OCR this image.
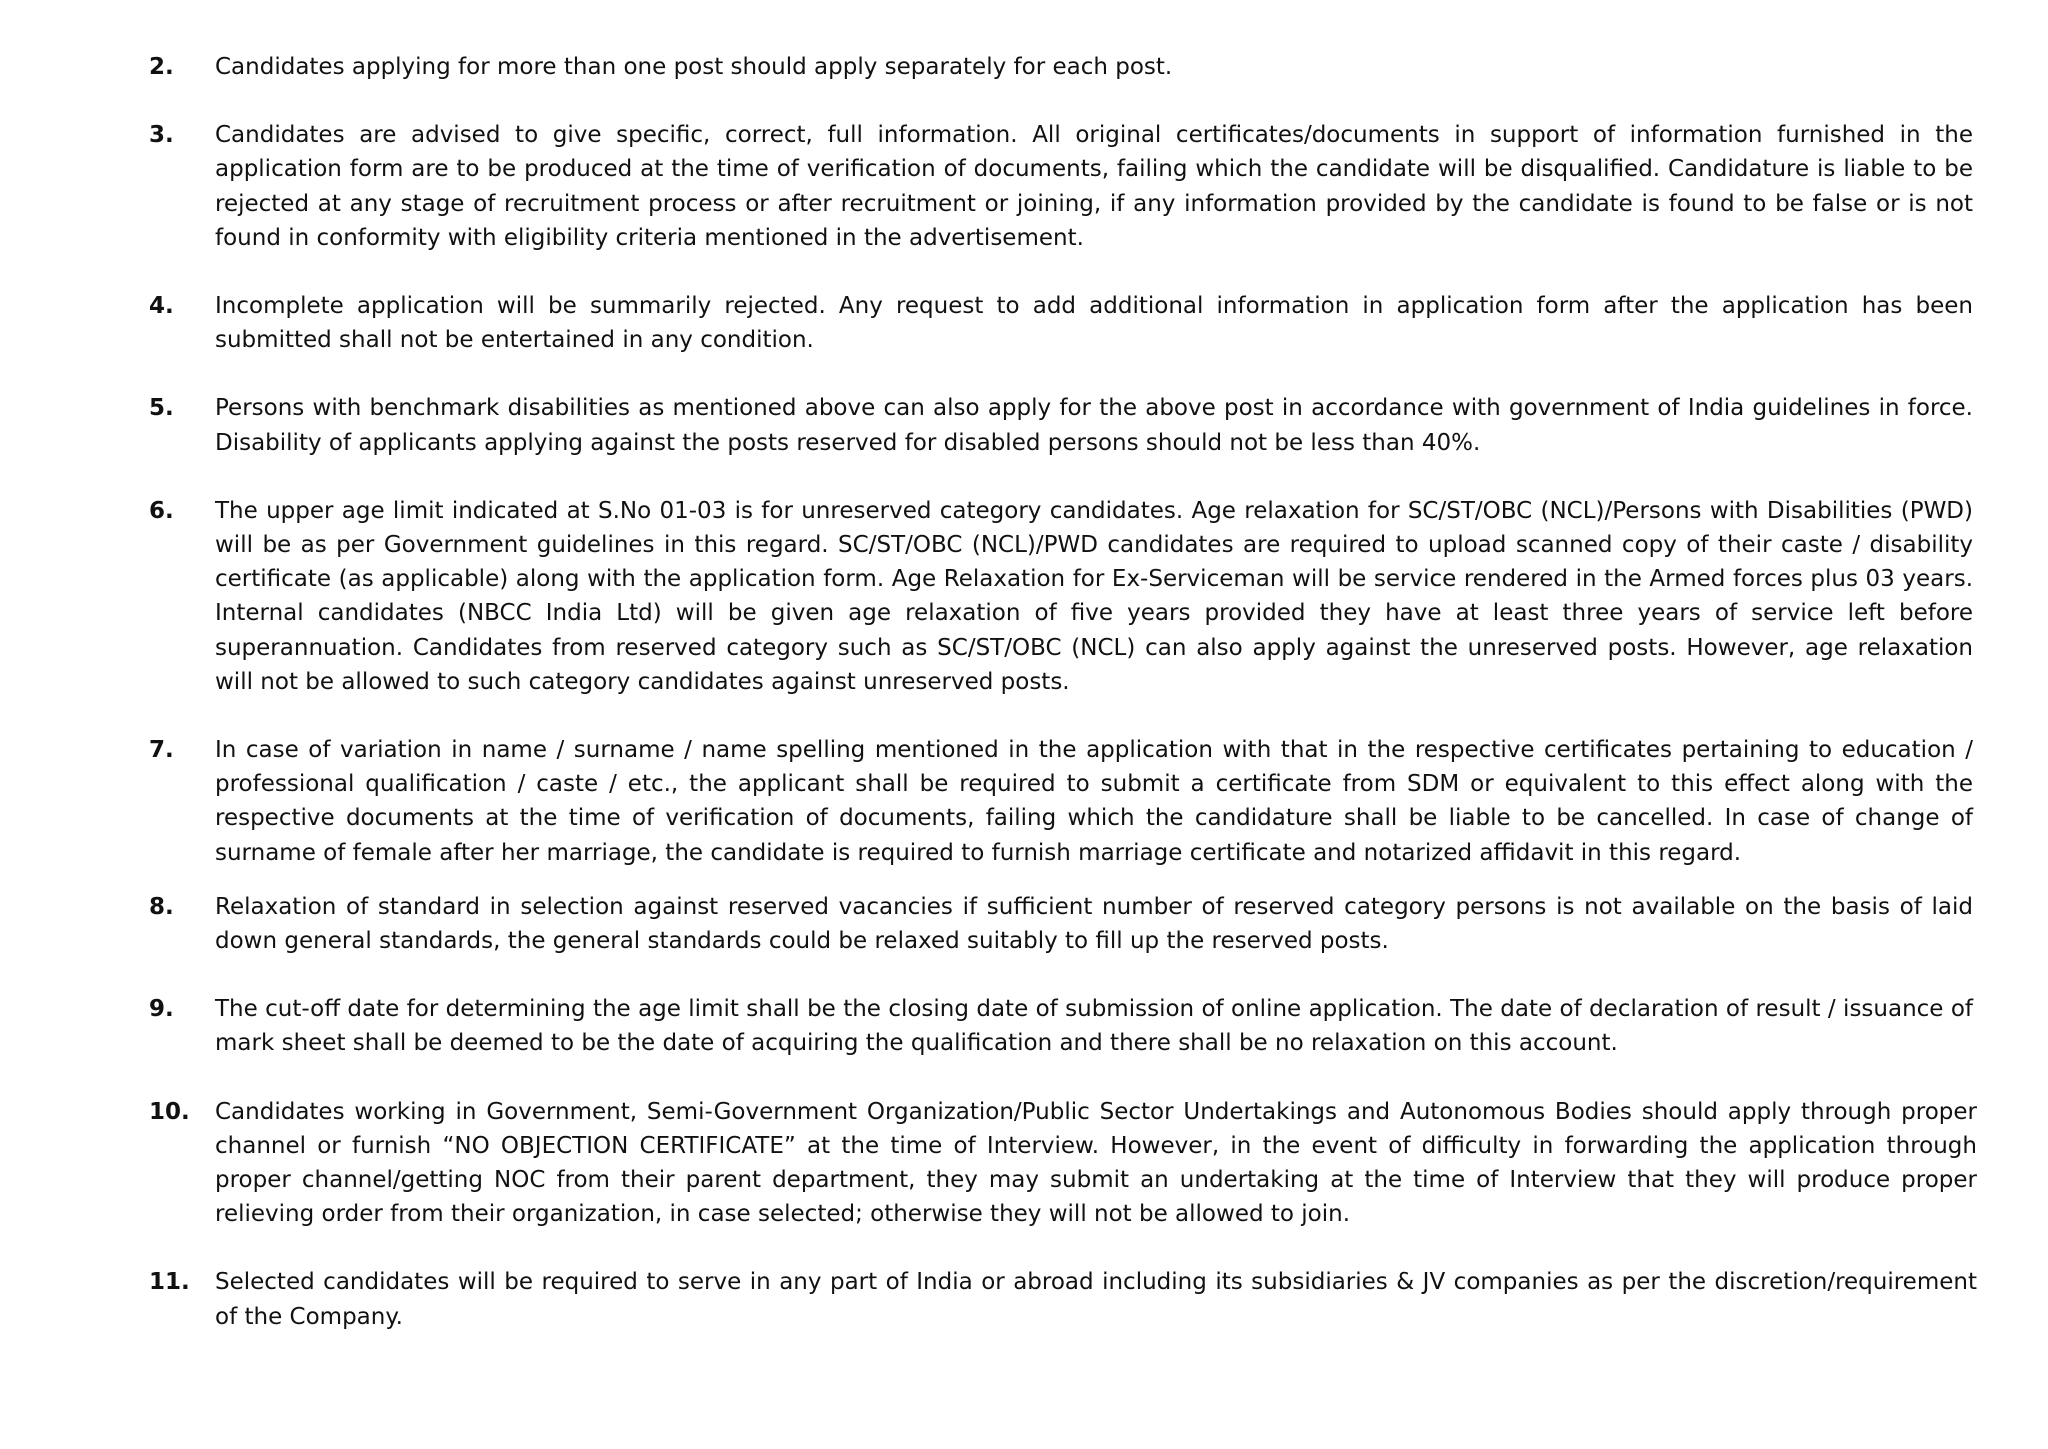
2.	Candidates applying for more than one post should apply separately for each post.
3.	Candidates are advised to give specific, correct, full information. All original certificates/documents in support of information furnished in the application form are to be produced at the time of verification of documents, failing which the candidate will be disqualified. Candidature is liable to be rejected at any stage of recruitment process or after recruitment or joining, if any information provided by the candidate is found to be false or is not found in conformity with eligibility criteria mentioned in the advertisement.
4.	Incomplete application will be summarily rejected. Any request to add additional information in application form after the application has been submitted shall not be entertained in any condition.
5.	Persons with benchmark disabilities as mentioned above can also apply for the above post in accordance with government of India guidelines in force. Disability of applicants applying against the posts reserved for disabled persons should not be less than 40%.
6.	The upper age limit indicated at S.No 01-03 is for unreserved category candidates. Age relaxation for SC/ST/OBC (NCL)/Persons with Disabilities (PWD) will be as per Government guidelines in this regard. SC/ST/OBC (NCL)/PWD candidates are required to upload scanned copy of their caste / disability certificate (as applicable) along with the application form. Age Relaxation for Ex-Serviceman will be service rendered in the Armed forces plus 03 years. Internal candidates (NBCC India Ltd) will be given age relaxation of five years provided they have at least three years of service left before superannuation. Candidates from reserved category such as SC/ST/OBC (NCL) can also apply against the unreserved posts. However, age relaxation will not be allowed to such category candidates against unreserved posts.
7.	In case of variation in name / surname / name spelling mentioned in the application with that in the respective certificates pertaining to education / professional qualification / caste / etc., the applicant shall be required to submit a certificate from SDM or equivalent to this effect along with the respective documents at the time of verification of documents, failing which the candidature shall be liable to be cancelled. In case of change of surname of female after her marriage, the candidate is required to furnish marriage certificate and notarized affidavit in this regard.
8.	Relaxation of standard in selection against reserved vacancies if sufficient number of reserved category persons is not available on the basis of laid down general standards, the general standards could be relaxed suitably to fill up the reserved posts.
9.	The cut-off date for determining the age limit shall be the closing date of submission of online application. The date of declaration of result / issuance of mark sheet shall be deemed to be the date of acquiring the qualification and there shall be no relaxation on this account.
10.	Candidates working in Government, Semi-Government Organization/Public Sector Undertakings and Autonomous Bodies should apply through proper channel or furnish “NO OBJECTION CERTIFICATE” at the time of Interview. However, in the event of difficulty in forwarding the application through proper channel/getting NOC from their parent department, they may submit an undertaking at the time of Interview that they will produce proper relieving order from their organization, in case selected; otherwise they will not be allowed to join.
11.	Selected candidates will be required to serve in any part of India or abroad including its subsidiaries & JV companies as per the discretion/requirement of the Company.
